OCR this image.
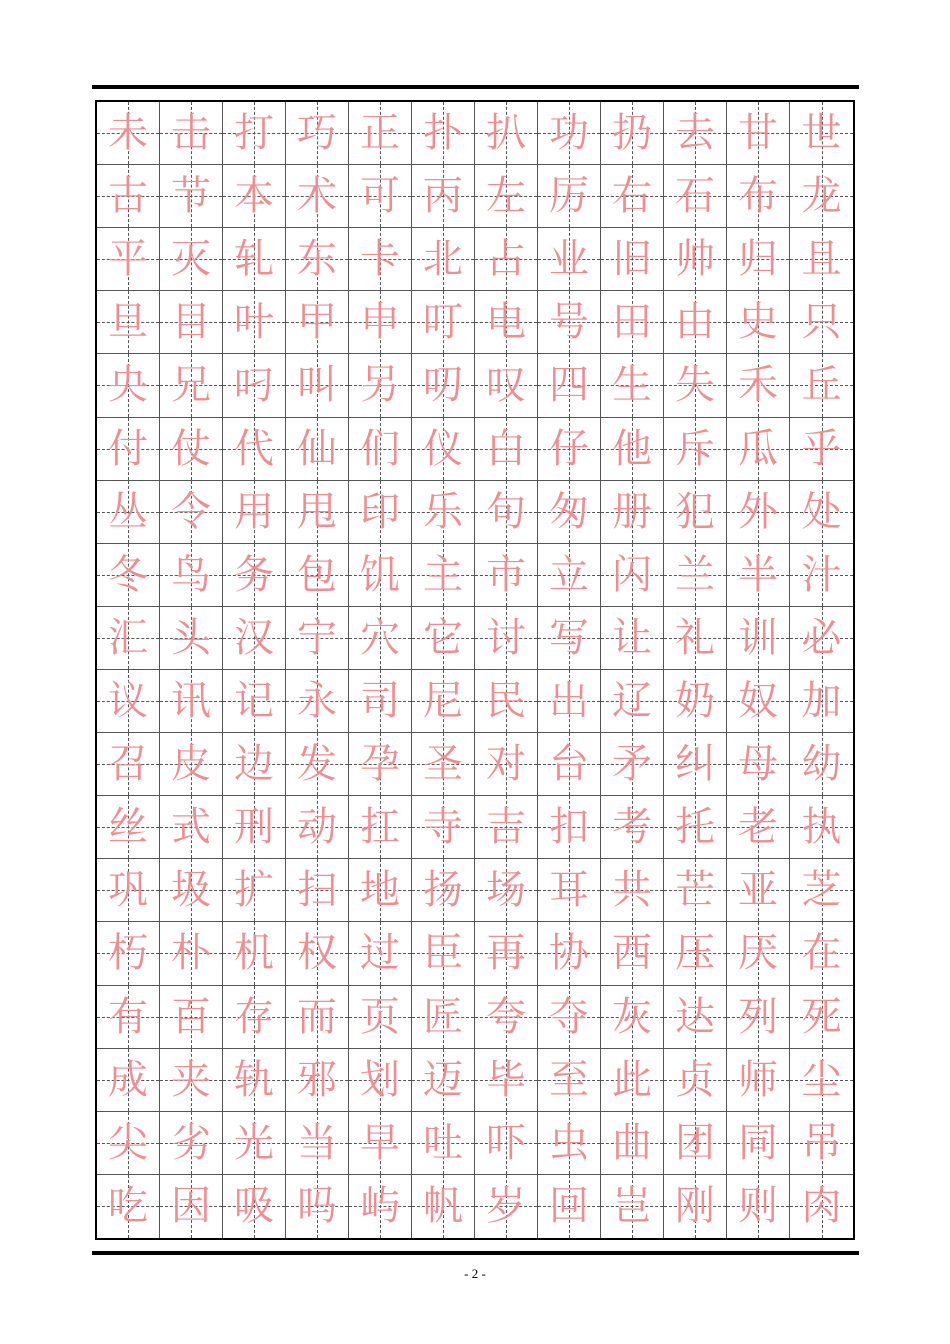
未 击 打 巧 正 扑 扒 功 扔 去 甘 世
古 节 本 术 可 丙 左 厉 右 石 布 龙
平 灭 轧 东 卡 北 占 业 旧 帅 归 且
旦 目 叶 甲 申 叮 电 号 田 由 史 只
央 兄 叼 叫 另 叨 叹 四 生 失 禾 丘
付 仗 代 仙 们 仪 白 仔 他 斥 瓜 乎
丛 令 用 甩 印 乐 句 匆 册 犯 外 处
冬 鸟 务 包 饥 主 市 立 闪 兰 半 汁
汇 头 汉 宁 穴 它 讨 写 让 礼 训 必
议 讯 记 永 司 尼 民 出 辽 奶 奴 加
召 皮 边 发 孕 圣 对 台 矛 纠 母 幼
丝 式 刑 动 扛 寺 吉 扣 考 托 老 执
巩 圾 扩 扫 地 扬 场 耳 共 芒 亚 芝
朽 朴 机 权 过 臣 再 协 西 压 厌 在
有 百 存 而 页 匠 夸 夺 灰 达 列 死
成 夹 轨 邪 划 迈 毕 至 此 贞 师 尘
尖 劣 光 当 早 吐 吓 虫 曲 团 同 吊
吃 因 吸 吗 屿 帆 岁 回 岂 刚 则 肉
- 2 -
